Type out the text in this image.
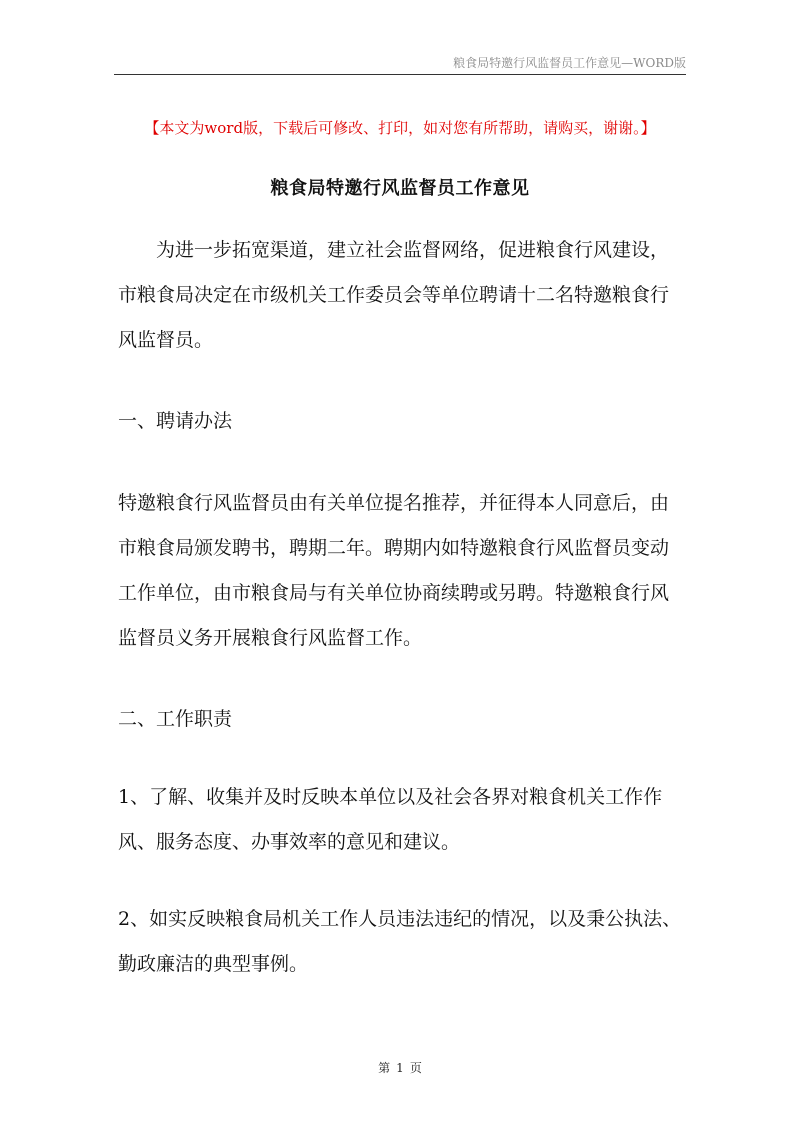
粮食局特邀行风监督员工作意见—WORD版
【本文为word版，下载后可修改、打印，如对您有所帮助，请购买，谢谢。】
粮食局特邀行风监督员工作意见

为进一步拓宽渠道，建立社会监督网络，促进粮食行风建设，市粮食局决定在市级机关工作委员会等单位聘请十二名特邀粮食行风监督员。

一、聘请办法

特邀粮食行风监督员由有关单位提名推荐，并征得本人同意后，由市粮食局颁发聘书，聘期二年。聘期内如特邀粮食行风监督员变动工作单位，由市粮食局与有关单位协商续聘或另聘。特邀粮食行风监督员义务开展粮食行风监督工作。

二、工作职责

1、了解、收集并及时反映本单位以及社会各界对粮食机关工作作风、服务态度、办事效率的意见和建议。

2、如实反映粮食局机关工作人员违法违纪的情况，以及秉公执法、勤政廉洁的典型事例。

第 1 页
